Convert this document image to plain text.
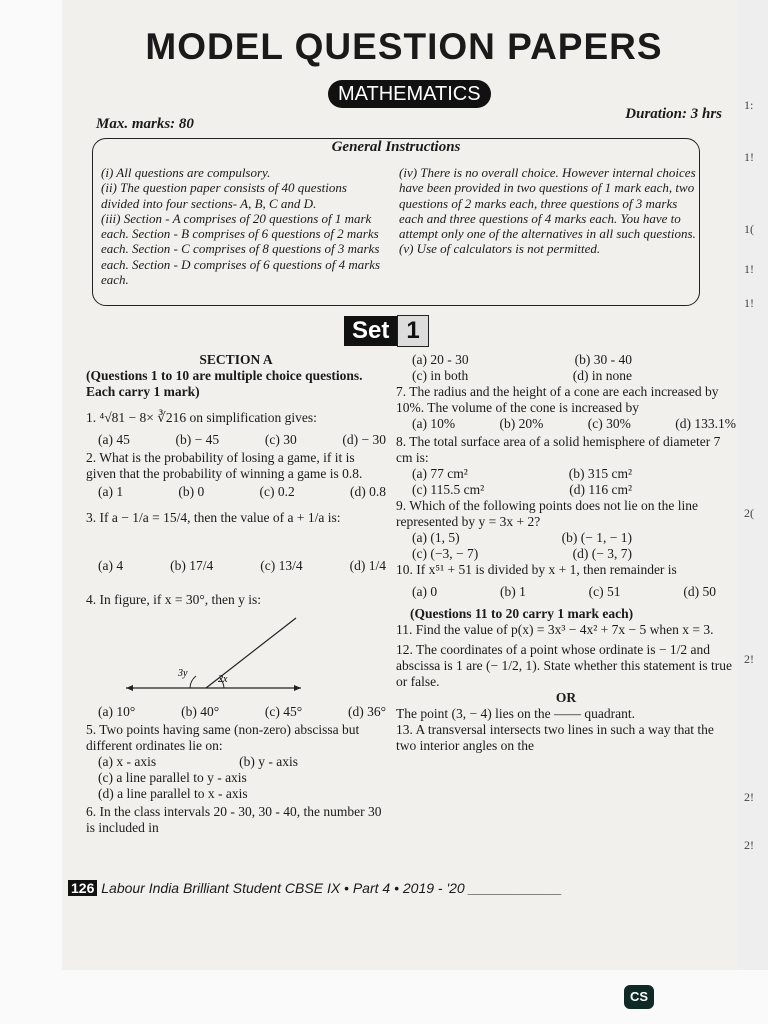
MODEL QUESTION PAPERS
MATHEMATICS
Max. marks: 80
Duration: 3 hrs
General Instructions
(i) All questions are compulsory.
(ii) The question paper consists of 40 questions divided into four sections- A, B, C and D.
(iii) Section - A comprises of 20 questions of 1 mark each. Section - B comprises of 6 questions of 2 marks each. Section - C comprises of 8 questions of 3 marks each. Section - D comprises of 6 questions of 4 marks each.
(iv) There is no overall choice. However internal choices have been provided in two questions of 1 mark each, two questions of 2 marks each, three questions of 3 marks each and three questions of 4 marks each. You have to attempt only one of the alternatives in all such questions.
(v) Use of calculators is not permitted.
Set 1

SECTION A

(Questions 1 to 10 are multiple choice questions. Each carry 1 mark)

1. ⁴√81 − 8× ∛216 on simplification gives:

(a) 45	(b) − 45	(c) 30	(d) − 30

2. What is the probability of losing a game, if it is given that the probability of winning a game is 0.8.

(a) 1	(b) 0	(c) 0.2	(d) 0.8

3. If a − 1/a = 15/4, then the value of a + 1/a is:

(a) 4	(b) 17/4	(c) 13/4	(d) 1/4

4. In figure, if x = 30°, then y is:

3y
2x
(a) 10°	(b) 40°	(c) 45°	(d) 36°

5. Two points having same (non-zero) abscissa but different ordinates lie on:

(a) x - axis	(b) y - axis
(c) a line parallel to y - axis
(d) a line parallel to x - axis

6. In the class intervals 20 - 30, 30 - 40, the number 30 is included in

(a) 20 - 30	(b) 30 - 40
(c) in both	(d) in none

7. The radius and the height of a cone are each increased by 10%. The volume of the cone is increased by

(a) 10%	(b) 20%	(c) 30%	(d) 133.1%

8. The total surface area of a solid hemisphere of diameter 7 cm is:

(a) 77 cm²	(b) 315 cm²
(c) 115.5 cm²	(d) 116 cm²

9. Which of the following points does not lie on the line represented by y = 3x + 2?

(a) (1, 5)	(b) (− 1, − 1)
(c) (−3, − 7)	(d) (− 3, 7)

10. If x⁵¹ + 51 is divided by x + 1, then remainder is

(a) 0	(b) 1	(c) 51	(d) 50

(Questions 11 to 20 carry 1 mark each)

11. Find the value of p(x) = 3x³ − 4x² + 7x − 5 when x = 3.

12. The coordinates of a point whose ordinate is − 1/2 and abscissa is 1 are (− 1/2, 1). State whether this statement is true or false.

OR

The point (3, − 4) lies on the —— quadrant.

13. A transversal intersects two lines in such a way that the two interior angles on the

126 Labour India Brilliant Student CBSE IX • Part 4 • 2019 - '20 ____________
1:
1!
1(
1!
1!
2(
2!
2!
2!
CS
